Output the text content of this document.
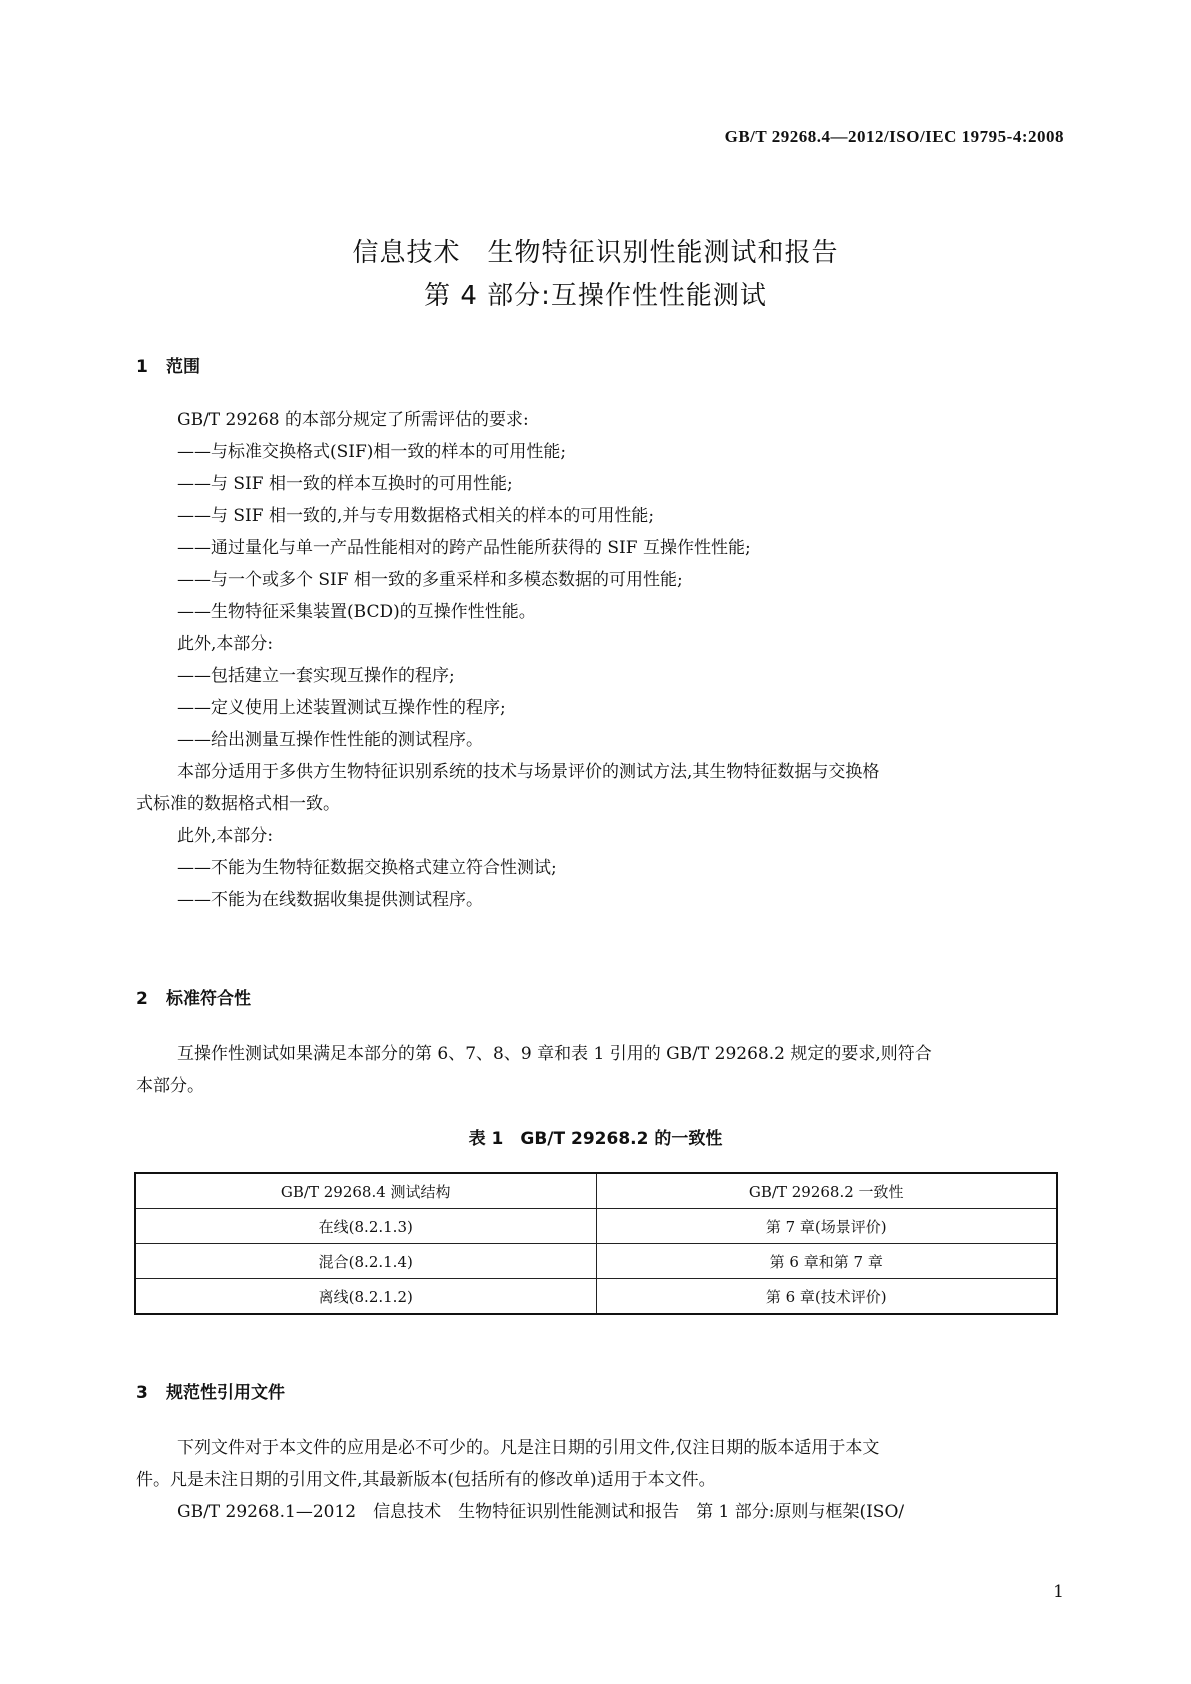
GB/T 29268.4—2012/ISO/IEC 19795-4:2008
信息技术　生物特征识别性能测试和报告
第 4 部分:互操作性性能测试
1 范围
GB/T 29268 的本部分规定了所需评估的要求:
——与标准交换格式(SIF)相一致的样本的可用性能;
——与 SIF 相一致的样本互换时的可用性能;
——与 SIF 相一致的,并与专用数据格式相关的样本的可用性能;
——通过量化与单一产品性能相对的跨产品性能所获得的 SIF 互操作性性能;
——与一个或多个 SIF 相一致的多重采样和多模态数据的可用性能;
——生物特征采集装置(BCD)的互操作性性能。
此外,本部分:
——包括建立一套实现互操作的程序;
——定义使用上述装置测试互操作性的程序;
——给出测量互操作性性能的测试程序。
本部分适用于多供方生物特征识别系统的技术与场景评价的测试方法,其生物特征数据与交换格
式标准的数据格式相一致。
此外,本部分:
——不能为生物特征数据交换格式建立符合性测试;
——不能为在线数据收集提供测试程序。
2 标准符合性
互操作性测试如果满足本部分的第 6、7、8、9 章和表 1 引用的 GB/T 29268.2 规定的要求,则符合
本部分。
表 1　GB/T 29268.2 的一致性
GB/T 29268.4 测试结构	GB/T 29268.2 一致性
在线(8.2.1.3)	第 7 章(场景评价)
混合(8.2.1.4)	第 6 章和第 7 章
离线(8.2.1.2)	第 6 章(技术评价)
3 规范性引用文件
下列文件对于本文件的应用是必不可少的。凡是注日期的引用文件,仅注日期的版本适用于本文
件。凡是未注日期的引用文件,其最新版本(包括所有的修改单)适用于本文件。
GB/T 29268.1—2012　信息技术　生物特征识别性能测试和报告　第 1 部分:原则与框架(ISO/
1
